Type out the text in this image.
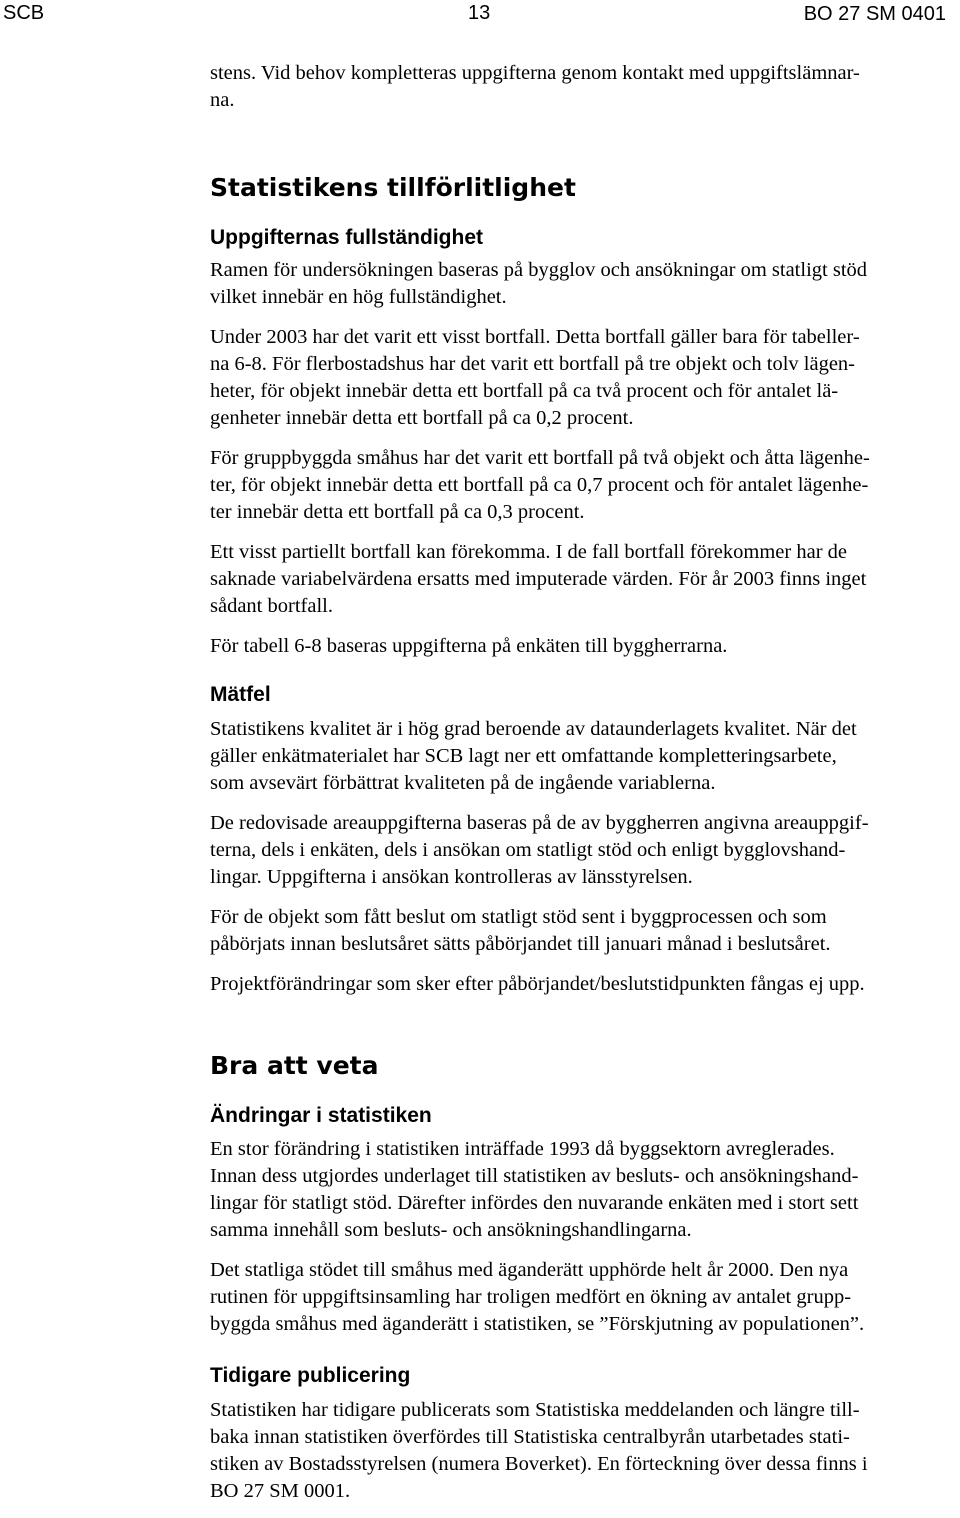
SCB	13	BO 27 SM 0401

stens. Vid behov kompletteras uppgifterna genom kontakt med uppgiftslämnar-
na.

Statistikens tillförlitlighet
Uppgifternas fullständighet

Ramen för undersökningen baseras på bygglov och ansökningar om statligt stöd
vilket innebär en hög fullständighet.

Under 2003 har det varit ett visst bortfall. Detta bortfall gäller bara för tabeller-
na 6-8. För flerbostadshus har det varit ett bortfall på tre objekt och tolv lägen-
heter, för objekt innebär detta ett bortfall på ca två procent och för antalet lä-
genheter innebär detta ett bortfall på ca 0,2 procent.

För gruppbyggda småhus har det varit ett bortfall på två objekt och åtta lägenhe-
ter, för objekt innebär detta ett bortfall på ca 0,7 procent och för antalet lägenhe-
ter innebär detta ett bortfall på ca 0,3 procent.

Ett visst partiellt bortfall kan förekomma. I de fall bortfall förekommer har de
saknade variabelvärdena ersatts med imputerade värden. För år 2003 finns inget
sådant bortfall.

För tabell 6-8 baseras uppgifterna på enkäten till byggherrarna.

Mätfel

Statistikens kvalitet är i hög grad beroende av dataunderlagets kvalitet. När det
gäller enkätmaterialet har SCB lagt ner ett omfattande kompletteringsarbete,
som avsevärt förbättrat kvaliteten på de ingående variablerna.

De redovisade areauppgifterna baseras på de av byggherren angivna areauppgif-
terna, dels i enkäten, dels i ansökan om statligt stöd och enligt bygglovshand-
lingar. Uppgifterna i ansökan kontrolleras av länsstyrelsen.

För de objekt som fått beslut om statligt stöd sent i byggprocessen och som
påbörjats innan beslutsåret sätts påbörjandet till januari månad i beslutsåret.

Projektförändringar som sker efter påbörjandet/beslutstidpunkten fångas ej upp.

Bra att veta
Ändringar i statistiken

En stor förändring i statistiken inträffade 1993 då byggsektorn avreglerades.
Innan dess utgjordes underlaget till statistiken av besluts- och ansökningshand-
lingar för statligt stöd. Därefter infördes den nuvarande enkäten med i stort sett
samma innehåll som besluts- och ansökningshandlingarna.

Det statliga stödet till småhus med äganderätt upphörde helt år 2000. Den nya
rutinen för uppgiftsinsamling har troligen medfört en ökning av antalet grupp-
byggda småhus med äganderätt i statistiken, se ”Förskjutning av populationen”.

Tidigare publicering

Statistiken har tidigare publicerats som Statistiska meddelanden och längre till-
baka innan statistiken överfördes till Statistiska centralbyrån utarbetades stati-
stiken av Bostadsstyrelsen (numera Boverket). En förteckning över dessa finns i
BO 27 SM 0001.
